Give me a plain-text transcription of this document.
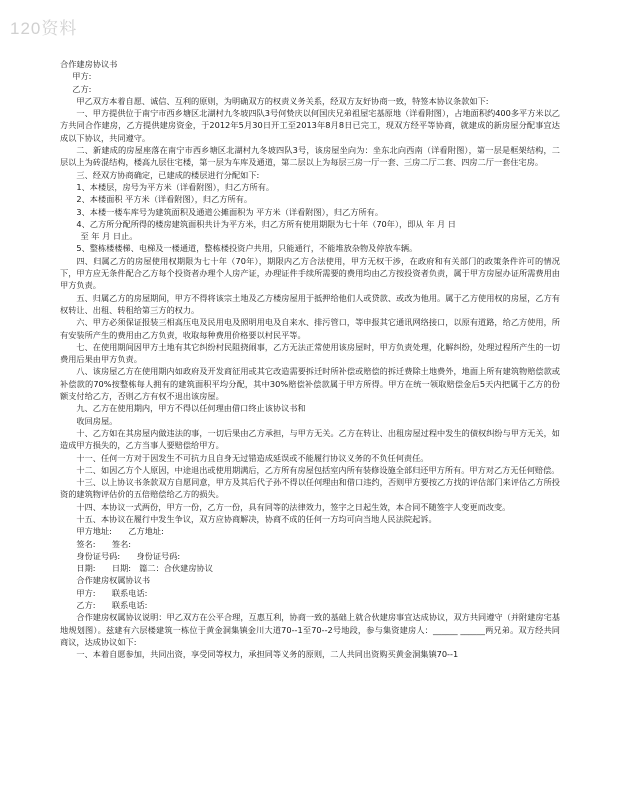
120资料

合作建房协议书

甲方:

乙方:

甲乙双方本着自愿、诚信、互利的原则，为明确双方的权责义务关系，经双方友好协商一致，特签本协议条款如下:

一、甲方提供位于南宁市西乡塘区北湖村九冬坡四队3号何贽庆以何国庆兄弟祖屋宅基原地（详看附图），占地面积约400多平方米以乙方共同合作建房，乙方提供建房资金，于2012年5月30日开工至2013年8月8日已完工，现双方经平等协商，就建成的新房屋分配事宜达成以下协议，共同遵守。

二、新建成的房屋座落在南宁市西乡塘区北湖村九冬坡四队3号，该房屋坐向为：坐东北向西南（详看附图），第一层是框架结构，二层以上为砖混结构，楼高九层住宅楼，第一层为车库及通道，第二层以上为每层三房一厅一套、三房二厅二套、四房二厅一套住宅房。

三、经双方协商确定，已建成的楼层进行分配如下:

1、本楼层，房号为平方米（详看附图），归乙方所有。

2、本楼面积 平方米（详看附图），归乙方所有。

3、本楼一楼车库号为建筑面积及通道公摊面积为 平方米（详看附图），归乙方所有。

4、乙方所分配所得的楼房建筑面积共计为平方米，归乙方所有使用期限为七十年（70年），即从 年 月 日

至 年 月 日止。

5、整栋楼楼梯、电梯及一楼通道，整栋楼投资户共用，只能通行，不能堆放杂物及停放车辆。

四、归属乙方的房屋使用权期限为七十年（70年），期限内乙方合法使用，甲方无权干涉，在政府和有关部门的政策条件许可的情况下，甲方应无条件配合乙方每个投资者办理个人房产证，办理证件手续所需要的费用均由乙方按投资者负责，属于甲方房屋办证所需费用由甲方负责。

五、归属乙方的房屋期间，甲方不得将该宗土地及乙方楼房屋用于抵押给他们人或贷款、或改为他用。属于乙方使用权的房屋，乙方有权转让、出租、转租给第三方的权力。

六、甲方必须保证报装三相高压电及民用电及照明用电及自来水、排污管口，等申报其它通讯网络接口，以原有道路，给乙方使用，所有安装所产生的费用由乙方负责，收取每种费用价格要以村民平等。

七、在使用期间因甲方土地有其它纠纷村民阻挠闹事，乙方无法正常使用该房屋时，甲方负责处理，化解纠纷，处理过程所产生的一切费用后果由甲方负责。

八、该房屋乙方在使用期内如政府及开发商征用或其它改造需要拆迁时所补偿或赔偿的拆迁费除土地费外，地面上所有建筑物赔偿款或补偿款的70%按整栋每人拥有的建筑面积平均分配，其中30%赔偿补偿款属于甲方所得。甲方在统一领取赔偿金后5天内把属于乙方的份额支付给乙方，否则乙方有权不退出该房屋。

九、乙方在使用期内，甲方不得以任何理由借口终止该协议书和

收回房屋。

十、乙方如在其房屋内做违法的事，一切后果由乙方承担，与甲方无关。乙方在转让、出租房屋过程中发生的债权纠纷与甲方无关，如造成甲方损失的，乙方当事人要赔偿给甲方。

十一、任何一方对于因发生不可抗力且自身无过错造成延误或不能履行协议义务的不负任何责任。

十二、如因乙方个人原因，中途退出或使用期满后，乙方所有房屋包括室内所有装修设施全部归还甲方所有。甲方对乙方无任何赔偿。

十三、以上协议书条款双方自愿同意，甲方及其后代子孙不得以任何理由和借口违约，否则甲方要按乙方找的评估部门来评估乙方所投资的建筑物评估价的五倍赔偿给乙方的损失。

十四、本协议一式两份，甲方一份，乙方一份，具有同等的法律效力，签字之日起生效，本合同不随签字人变更而改变。

十五、本协议在履行中发生争议，双方应协商解决，协商不成的任何一方均可向当地人民法院起诉。

甲方地址:　　乙方地址:

签名:　　签名:

身份证号码:　　身份证号码:

日期:　　日期:　篇二：合伙建房协议

合作建房权属协议书

甲方:　　联系电话:

乙方:　　联系电话:

合作建房权属协议说明：甲乙双方在公平合理，互惠互利，协商一致的基础上就合伙建房事宜达成协议，双方共同遵守（并附建房宅基地规划图）。兹建有六层楼建筑一栋位于黄金洞集镇金川大道70--1至70--2号地段，参与集资建房人：______ ______两兄弟。双方经共同商议，达成协议如下:

一、本着自愿参加，共同出资，享受同等权力，承担同等义务的原则，二人共同出资购买黄金洞集镇70--1
